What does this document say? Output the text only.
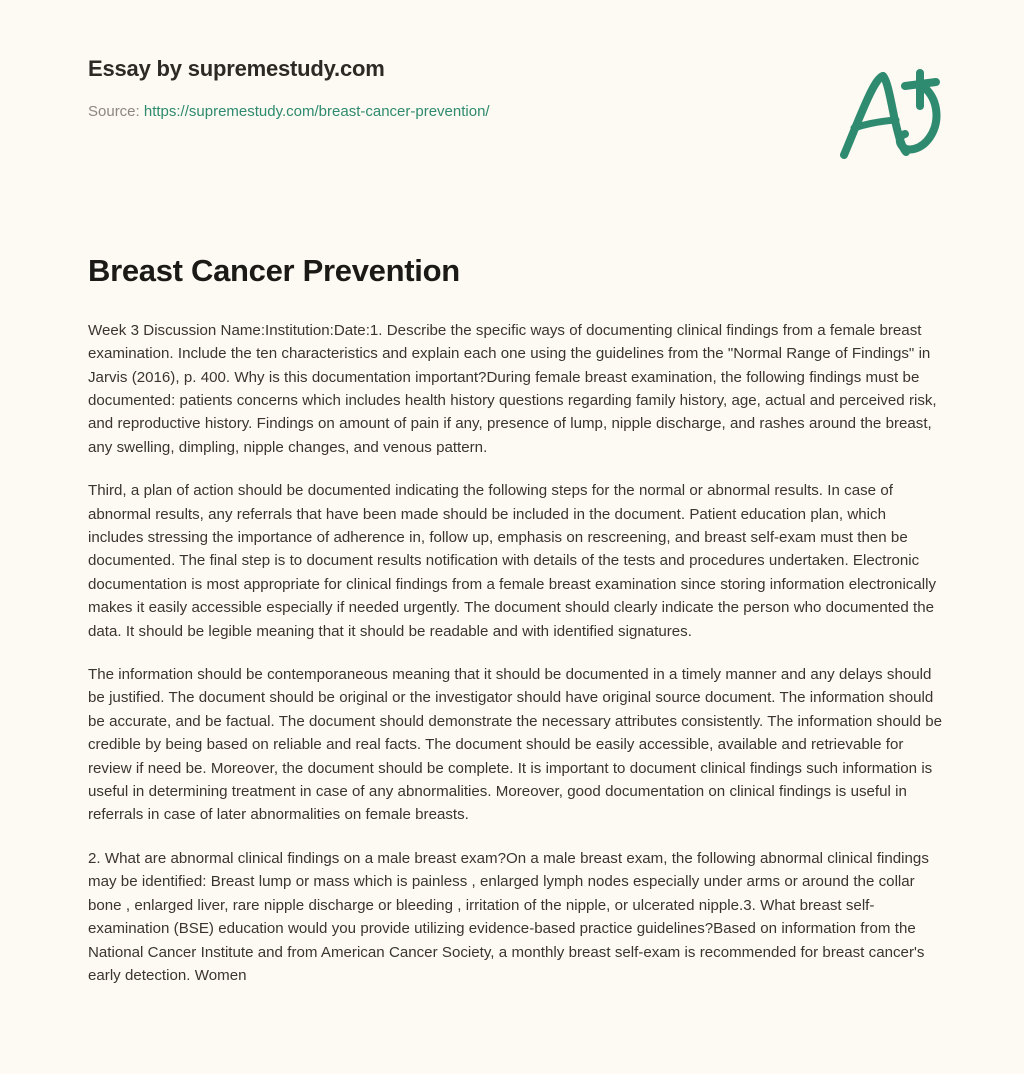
Essay by supremestudy.com
Source: https://supremestudy.com/breast-cancer-prevention/
Breast Cancer Prevention

Week 3 Discussion Name:Institution:Date:1. Describe the specific ways of documenting clinical findings from a female breast examination. Include the ten characteristics and explain each one using the guidelines from the "Normal Range of Findings" in Jarvis (2016), p. 400. Why is this documentation important?During female breast examination, the following findings must be documented: patients concerns which includes health history questions regarding family history, age, actual and perceived risk, and reproductive history. Findings on amount of pain if any, presence of lump, nipple discharge, and rashes around the breast, any swelling, dimpling, nipple changes, and venous pattern.

Third, a plan of action should be documented indicating the following steps for the normal or abnormal results. In case of abnormal results, any referrals that have been made should be included in the document. Patient education plan, which includes stressing the importance of adherence in, follow up, emphasis on rescreening, and breast self-exam must then be documented. The final step is to document results notification with details of the tests and procedures undertaken. Electronic documentation is most appropriate for clinical findings from a female breast examination since storing information electronically makes it easily accessible especially if needed urgently. The document should clearly indicate the person who documented the data. It should be legible meaning that it should be readable and with identified signatures.

The information should be contemporaneous meaning that it should be documented in a timely manner and any delays should be justified. The document should be original or the investigator should have original source document. The information should be accurate, and be factual. The document should demonstrate the necessary attributes consistently. The information should be credible by being based on reliable and real facts. The document should be easily accessible, available and retrievable for review if need be. Moreover, the document should be complete. It is important to document clinical findings such information is useful in determining treatment in case of any abnormalities. Moreover, good documentation on clinical findings is useful in referrals in case of later abnormalities on female breasts.

2. What are abnormal clinical findings on a male breast exam?On a male breast exam, the following abnormal clinical findings may be identified: Breast lump or mass which is painless , enlarged lymph nodes especially under arms or around the collar bone , enlarged liver, rare nipple discharge or bleeding , irritation of the nipple, or ulcerated nipple.3. What breast self-examination (BSE) education would you provide utilizing evidence-based practice guidelines?Based on information from the National Cancer Institute and from American Cancer Society, a monthly breast self-exam is recommended for breast cancer's early detection. Women
